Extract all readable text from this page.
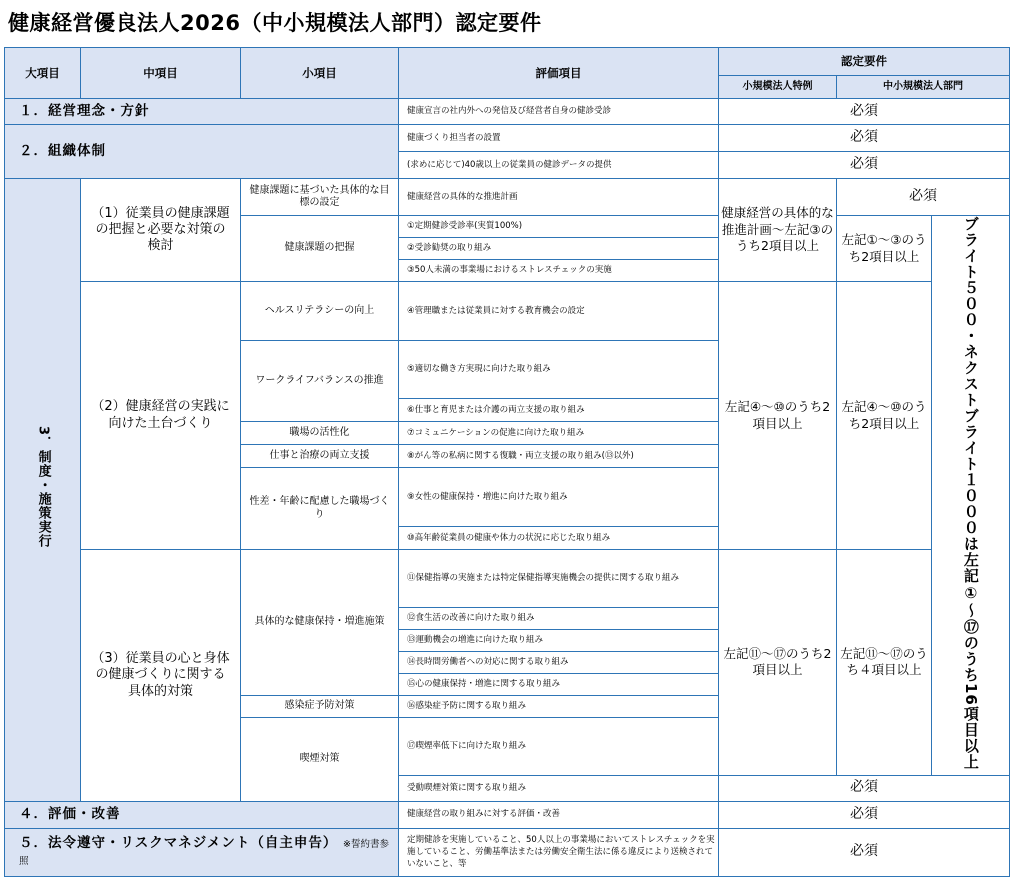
健康経営優良法人2026（中小規模法人部門）認定要件
大項目	中項目	小項目	評価項目	認定要件		
				小規模法人特例	中小規模法人部門	
１．経営理念・方針			健康宣言の社内外への発信及び経営者自身の健診受診	必須		
２．組織体制			健康づくり担当者の設置	必須		
			(求めに応じて)40歳以上の従業員の健診データの提供	必須		
3．制度・施策実行	（1）従業員の健康課題の把握と必要な対策の検討	健康課題に基づいた具体的な目標の設定	健康経営の具体的な推進計画	健康経営の具体的な推進計画～左記③のうち2項目以上	必須	
		健康課題の把握	①定期健診受診率(実質100%)		左記①～③のうち2項目以上	ブライト５００・ネクストブライト１０００は左記①～⑰のうち16項目以上
			②受診勧奨の取り組み			
			③50人未満の事業場におけるストレスチェックの実施			
	（2）健康経営の実践に向けた土台づくり	ヘルスリテラシーの向上	④管理職または従業員に対する教育機会の設定	左記④～⑩のうち2項目以上	左記④～⑩のうち2項目以上	
		ワークライフバランスの推進	⑤適切な働き方実現に向けた取り組み			
			⑥仕事と育児または介護の両立支援の取り組み			
		職場の活性化	⑦コミュニケーションの促進に向けた取り組み			
		仕事と治療の両立支援	⑧がん等の私病に関する復職・両立支援の取り組み(⑬以外)			
		性差・年齢に配慮した職場づくり	⑨女性の健康保持・増進に向けた取り組み			
			⑩高年齢従業員の健康や体力の状況に応じた取り組み			
	（3）従業員の心と身体の健康づくりに関する具体的対策	具体的な健康保持・増進施策	⑪保健指導の実施または特定保健指導実施機会の提供に関する取り組み	左記⑪～⑰のうち2項目以上	左記⑪～⑰のうち４項目以上	
			⑫食生活の改善に向けた取り組み			
			⑬運動機会の増進に向けた取り組み			
			⑭長時間労働者への対応に関する取り組み			
			⑮心の健康保持・増進に関する取り組み			
		感染症予防対策	⑯感染症予防に関する取り組み			
		喫煙対策	⑰喫煙率低下に向けた取り組み			
			受動喫煙対策に関する取り組み	必須		
４．評価・改善			健康経営の取り組みに対する評価・改善	必須		
５．法令遵守・リスクマネジメント（自主申告） ※誓約書参照			定期健診を実施していること、50人以上の事業場においてストレスチェックを実施していること、労働基準法または労働安全衛生法に係る違反により送検されていないこと、等	必須		
